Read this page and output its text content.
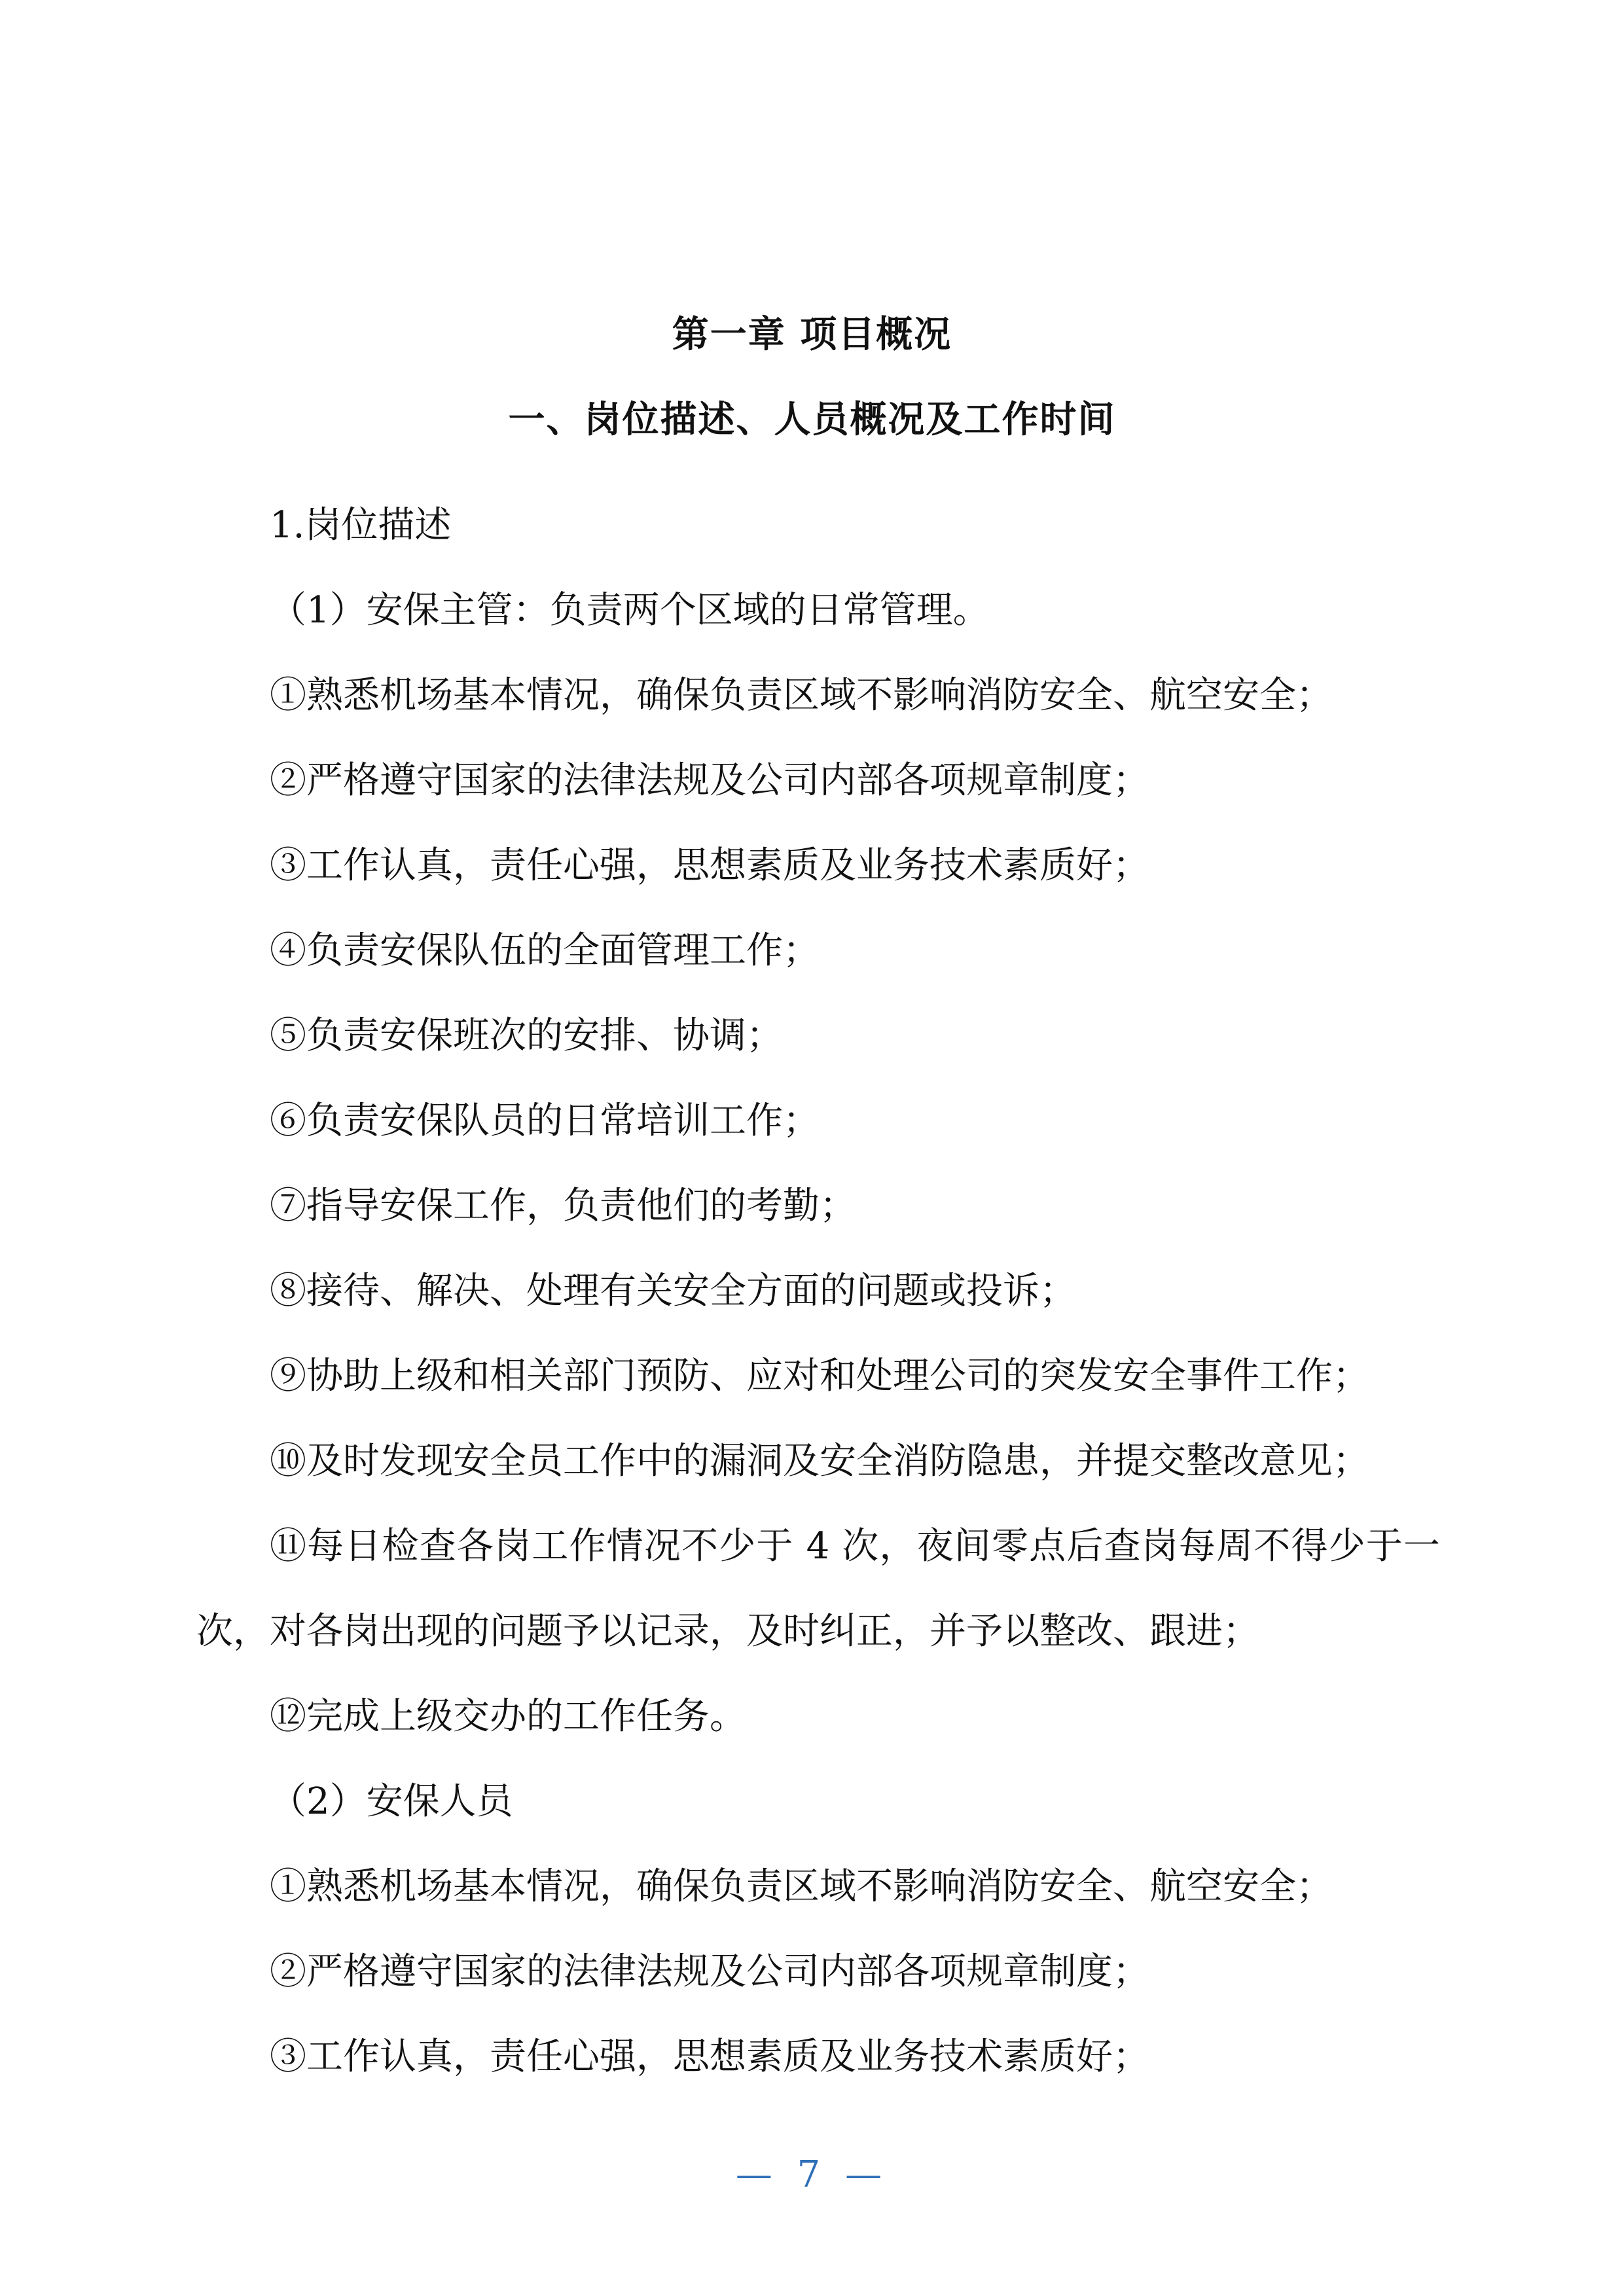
第一章 项目概况
一、岗位描述、人员概况及工作时间

1.岗位描述

（1）安保主管：负责两个区域的日常管理。

①熟悉机场基本情况，确保负责区域不影响消防安全、航空安全；

②严格遵守国家的法律法规及公司内部各项规章制度；

③工作认真，责任心强，思想素质及业务技术素质好；

④负责安保队伍的全面管理工作；

⑤负责安保班次的安排、协调；

⑥负责安保队员的日常培训工作；

⑦指导安保工作，负责他们的考勤；

⑧接待、解决、处理有关安全方面的问题或投诉；

⑨协助上级和相关部门预防、应对和处理公司的突发安全事件工作；

⑩及时发现安全员工作中的漏洞及安全消防隐患，并提交整改意见；

⑪每日检查各岗工作情况不少于 4 次，夜间零点后查岗每周不得少于一次，对各岗出现的问题予以记录，及时纠正，并予以整改、跟进；

⑫完成上级交办的工作任务。

（2）安保人员

①熟悉机场基本情况，确保负责区域不影响消防安全、航空安全；

②严格遵守国家的法律法规及公司内部各项规章制度；

③工作认真，责任心强，思想素质及业务技术素质好；

— 7 —
